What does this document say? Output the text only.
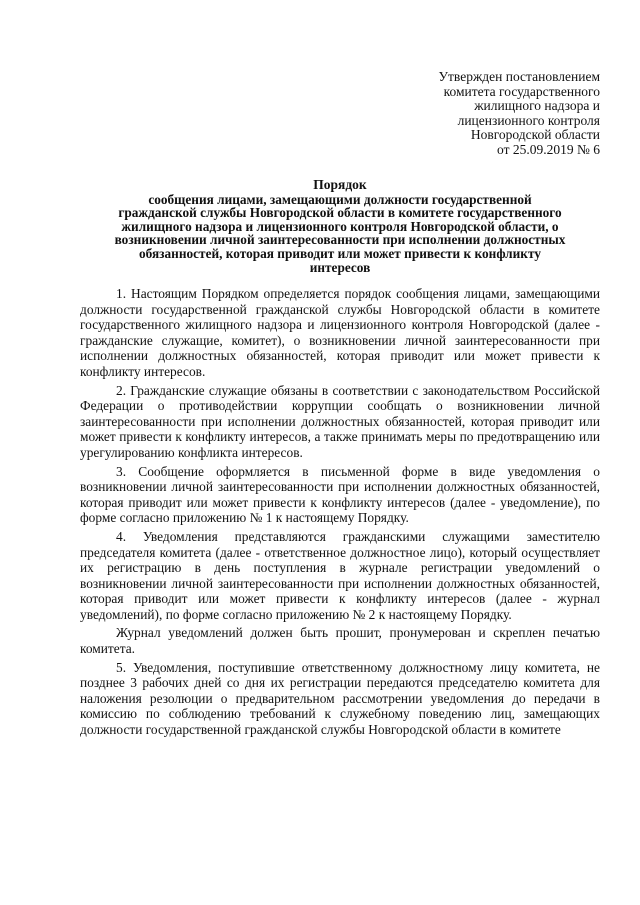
Утвержден постановлением
комитета государственного
жилищного надзора и
лицензионного контроля
Новгородской области
от 25.09.2019 № 6
Порядок
сообщения лицами, замещающими должности государственной
гражданской службы Новгородской области в комитете государственного
жилищного надзора и лицензионного контроля Новгородской области, о
возникновении личной заинтересованности при исполнении должностных
обязанностей, которая приводит или может привести к конфликту
интересов

1. Настоящим Порядком определяется порядок сообщения лицами, замещающими должности государственной гражданской службы Новгородской области в комитете государственного жилищного надзора и лицензионного контроля Новгородской (далее - гражданские служащие, комитет), о возникновении личной заинтересованности при исполнении должностных обязанностей, которая приводит или может привести к конфликту интересов.

2. Гражданские служащие обязаны в соответствии с законодательством Российской Федерации о противодействии коррупции сообщать о возникновении личной заинтересованности при исполнении должностных обязанностей, которая приводит или может привести к конфликту интересов, а также принимать меры по предотвращению или урегулированию конфликта интересов.

3. Сообщение оформляется в письменной форме в виде уведомления о возникновении личной заинтересованности при исполнении должностных обязанностей, которая приводит или может привести к конфликту интересов (далее - уведомление), по форме согласно приложению № 1 к настоящему Порядку.

4. Уведомления представляются гражданскими служащими заместителю председателя комитета (далее - ответственное должностное лицо), который осуществляет их регистрацию в день поступления в журнале регистрации уведомлений о возникновении личной заинтересованности при исполнении должностных обязанностей, которая приводит или может привести к конфликту интересов (далее - журнал уведомлений), по форме согласно приложению № 2 к настоящему Порядку.

Журнал уведомлений должен быть прошит, пронумерован и скреплен печатью комитета.

5. Уведомления, поступившие ответственному должностному лицу комитета, не позднее 3 рабочих дней со дня их регистрации передаются председателю комитета для наложения резолюции о предварительном рассмотрении уведомления до передачи в комиссию по соблюдению требований к служебному поведению лиц, замещающих должности государственной гражданской службы Новгородской области в комитете
